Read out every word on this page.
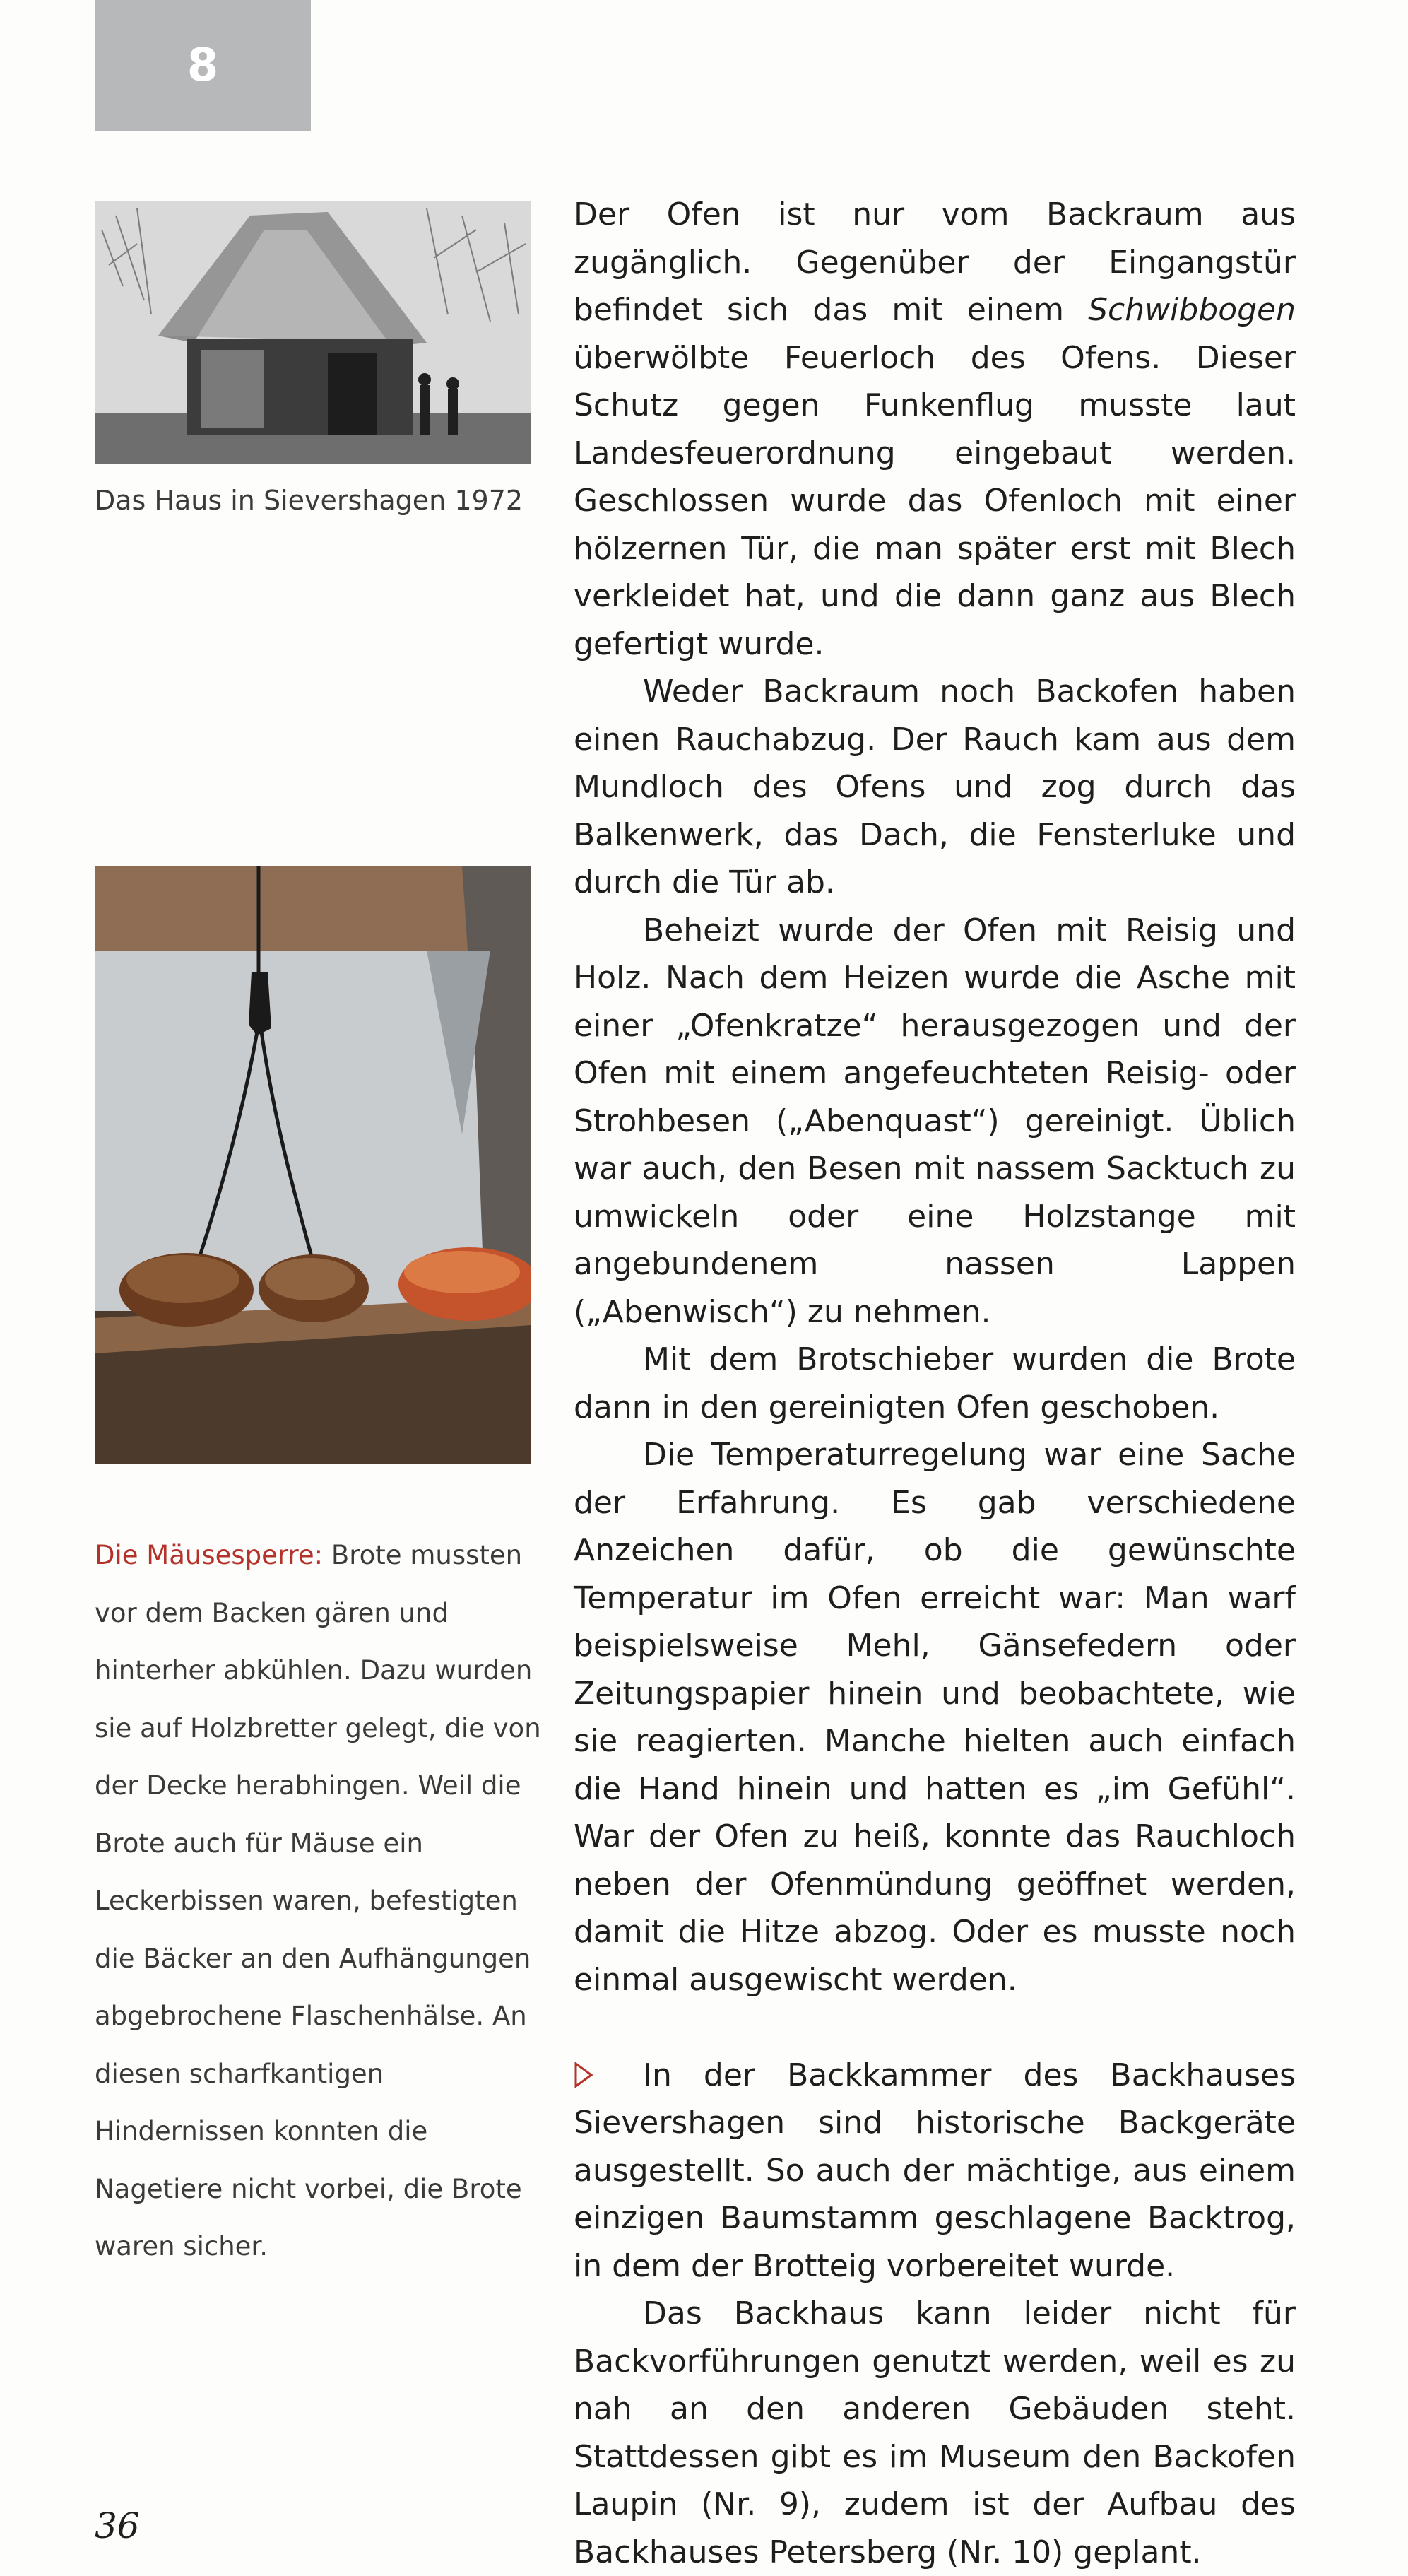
8
Das Haus in Sievershagen 1972
Die Mäusesperre: Brote mussten vor dem Backen gären und hinterher abkühlen. Dazu wurden sie auf Holzbretter gelegt, die von der Decke herabhingen. Weil die Brote auch für Mäuse ein Leckerbissen waren, befestigten die Bäcker an den Aufhängungen abgebrochene Flaschenhälse. An diesen scharfkantigen Hindernissen konnten die Nagetiere nicht vorbei, die Brote waren sicher.

Der Ofen ist nur vom Backraum aus zugänglich. Gegenüber der Eingangstür befindet sich das mit einem Schwibbogen überwölbte Feuerloch des Ofens. Dieser Schutz gegen Funkenflug musste laut Landesfeuerordnung eingebaut werden. Geschlossen wurde das Ofenloch mit einer hölzernen Tür, die man später erst mit Blech verkleidet hat, und die dann ganz aus Blech gefertigt wurde.

Weder Backraum noch Backofen haben einen Rauchabzug. Der Rauch kam aus dem Mundloch des Ofens und zog durch das Balkenwerk, das Dach, die Fensterluke und durch die Tür ab.

Beheizt wurde der Ofen mit Reisig und Holz. Nach dem Heizen wurde die Asche mit einer „Ofenkratze“ herausgezogen und der Ofen mit einem angefeuchteten Reisig- oder Strohbesen („Abenquast“) gereinigt. Üblich war auch, den Besen mit nassem Sacktuch zu umwickeln oder eine Holzstange mit angebundenem nassen Lappen („Abenwisch“) zu nehmen.

Mit dem Brotschieber wurden die Brote dann in den gereinigten Ofen geschoben.

Die Temperaturregelung war eine Sache der Erfahrung. Es gab verschiedene Anzeichen dafür, ob die gewünschte Temperatur im Ofen erreicht war: Man warf beispielsweise Mehl, Gänsefedern oder Zeitungspapier hinein und beobachtete, wie sie reagierten. Manche hielten auch einfach die Hand hinein und hatten es „im Gefühl“. War der Ofen zu heiß, konnte das Rauchloch neben der Ofenmündung geöffnet werden, damit die Hitze abzog. Oder es musste noch einmal ausgewischt werden.

In der Backkammer des Backhauses Sievershagen sind historische Backgeräte ausgestellt. So auch der mächtige, aus einem einzigen Baumstamm geschlagene Backtrog, in dem der Brotteig vorbereitet wurde.

Das Backhaus kann leider nicht für Backvorführungen genutzt werden, weil es zu nah an den anderen Gebäuden steht. Stattdessen gibt es im Museum den Backofen Laupin (Nr. 9), zudem ist der Aufbau des Backhauses Petersberg (Nr. 10) geplant.

36
